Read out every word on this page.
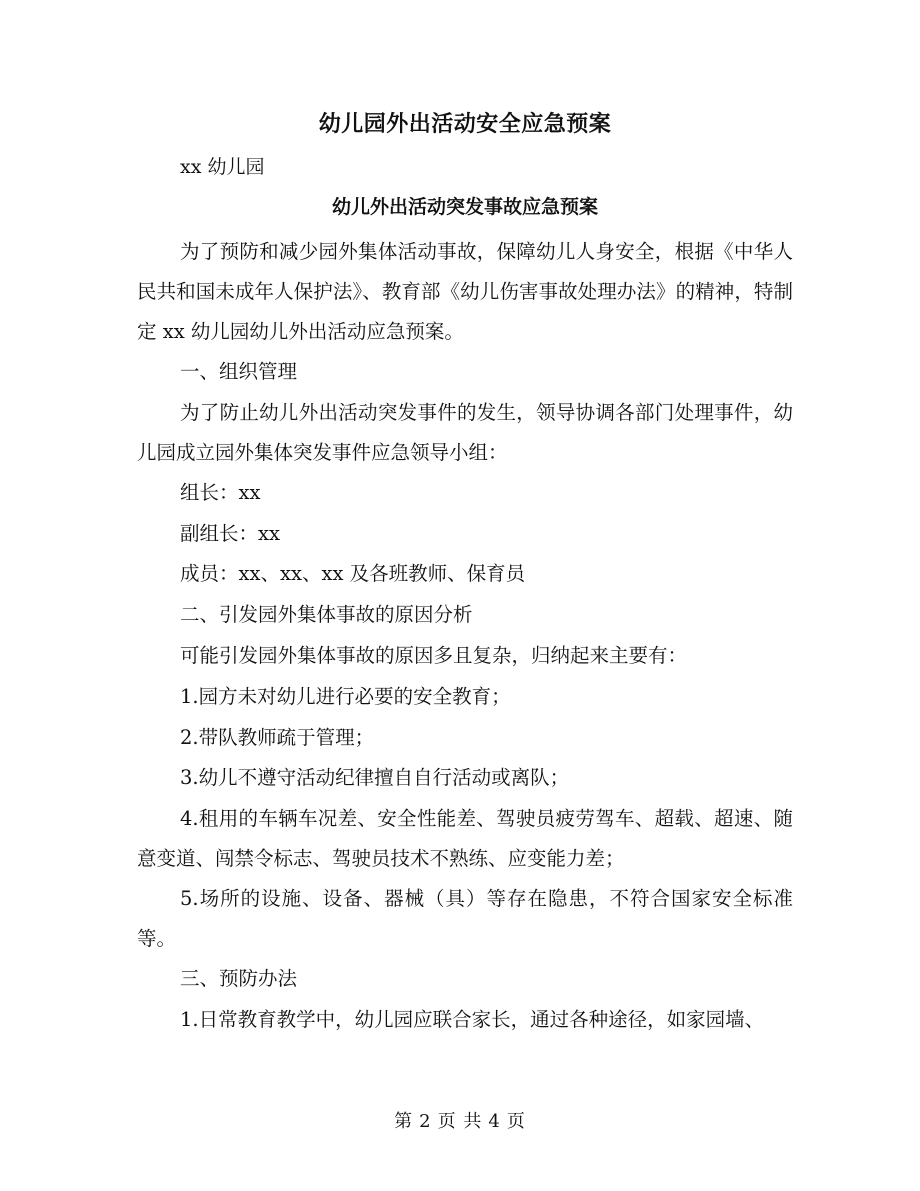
幼儿园外出活动安全应急预案
xx 幼儿园
幼儿外出活动突发事故应急预案

为了预防和减少园外集体活动事故，保障幼儿人身安全，根据《中华人民共和国未成年人保护法》、教育部《幼儿伤害事故处理办法》的精神，特制定 xx 幼儿园幼儿外出活动应急预案。

一、组织管理

为了防止幼儿外出活动突发事件的发生，领导协调各部门处理事件，幼儿园成立园外集体突发事件应急领导小组：

组长：xx
副组长：xx
成员：xx、xx、xx 及各班教师、保育员
二、引发园外集体事故的原因分析
可能引发园外集体事故的原因多且复杂，归纳起来主要有：
1.园方未对幼儿进行必要的安全教育；
2.带队教师疏于管理；
3.幼儿不遵守活动纪律擅自自行活动或离队；

4.租用的车辆车况差、安全性能差、驾驶员疲劳驾车、超载、超速、随意变道、闯禁令标志、驾驶员技术不熟练、应变能力差；

5.场所的设施、设备、器械（具）等存在隐患，不符合国家安全标准等。

三、预防办法
1.日常教育教学中，幼儿园应联合家长，通过各种途径，如家园墙、
第 2 页 共 4 页
